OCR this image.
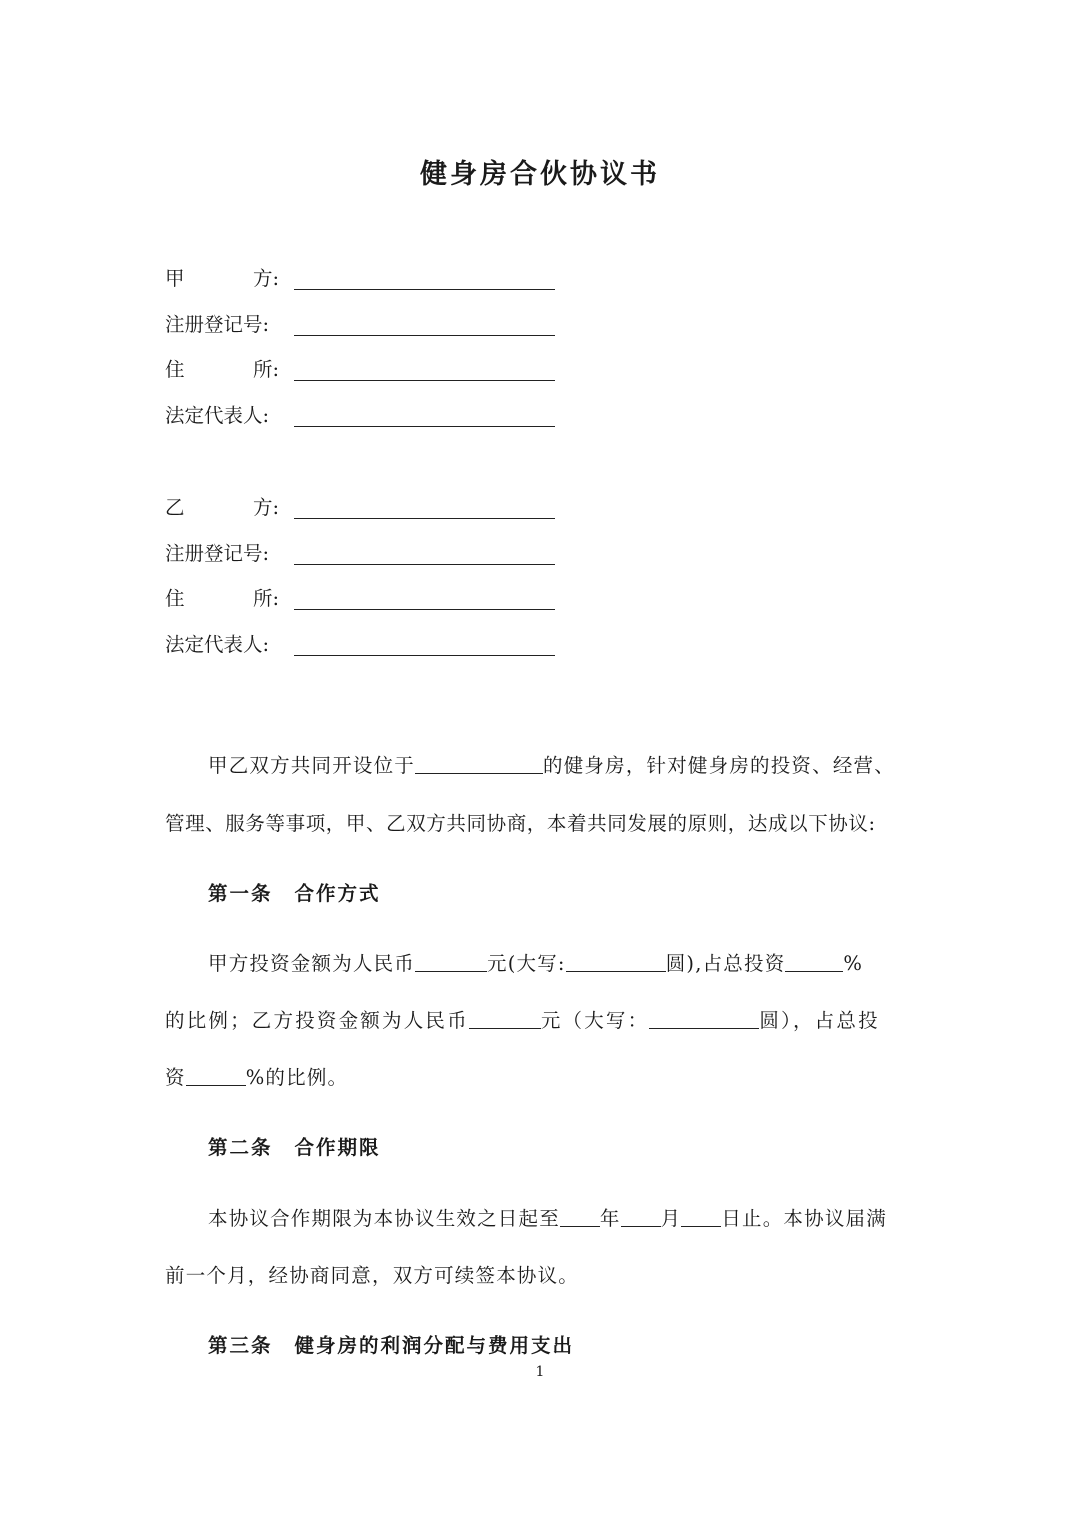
健身房合伙协议书
甲	方:
注册登记号:
住	所:
法定代表人:
乙	方:
注册登记号:
住	所:
法定代表人:
甲乙双方共同开设位于	的健身房，针对健身房的投资、经营、
管理、服务等事项，甲、乙双方共同协商，本着共同发展的原则，达成以下协议:
第一条 合作方式
甲方投资金额为人民币	元(大写:	圆),占总投资	%
的比例；乙方投资金额为人民币	元（大写：	圆），占总投
资	%的比例。
第二条 合作期限
本协议合作期限为本协议生效之日起至 年 月 日止。本协议届满
前一个月，经协商同意，双方可续签本协议。
第三条 健身房的利润分配与费用支出
1
